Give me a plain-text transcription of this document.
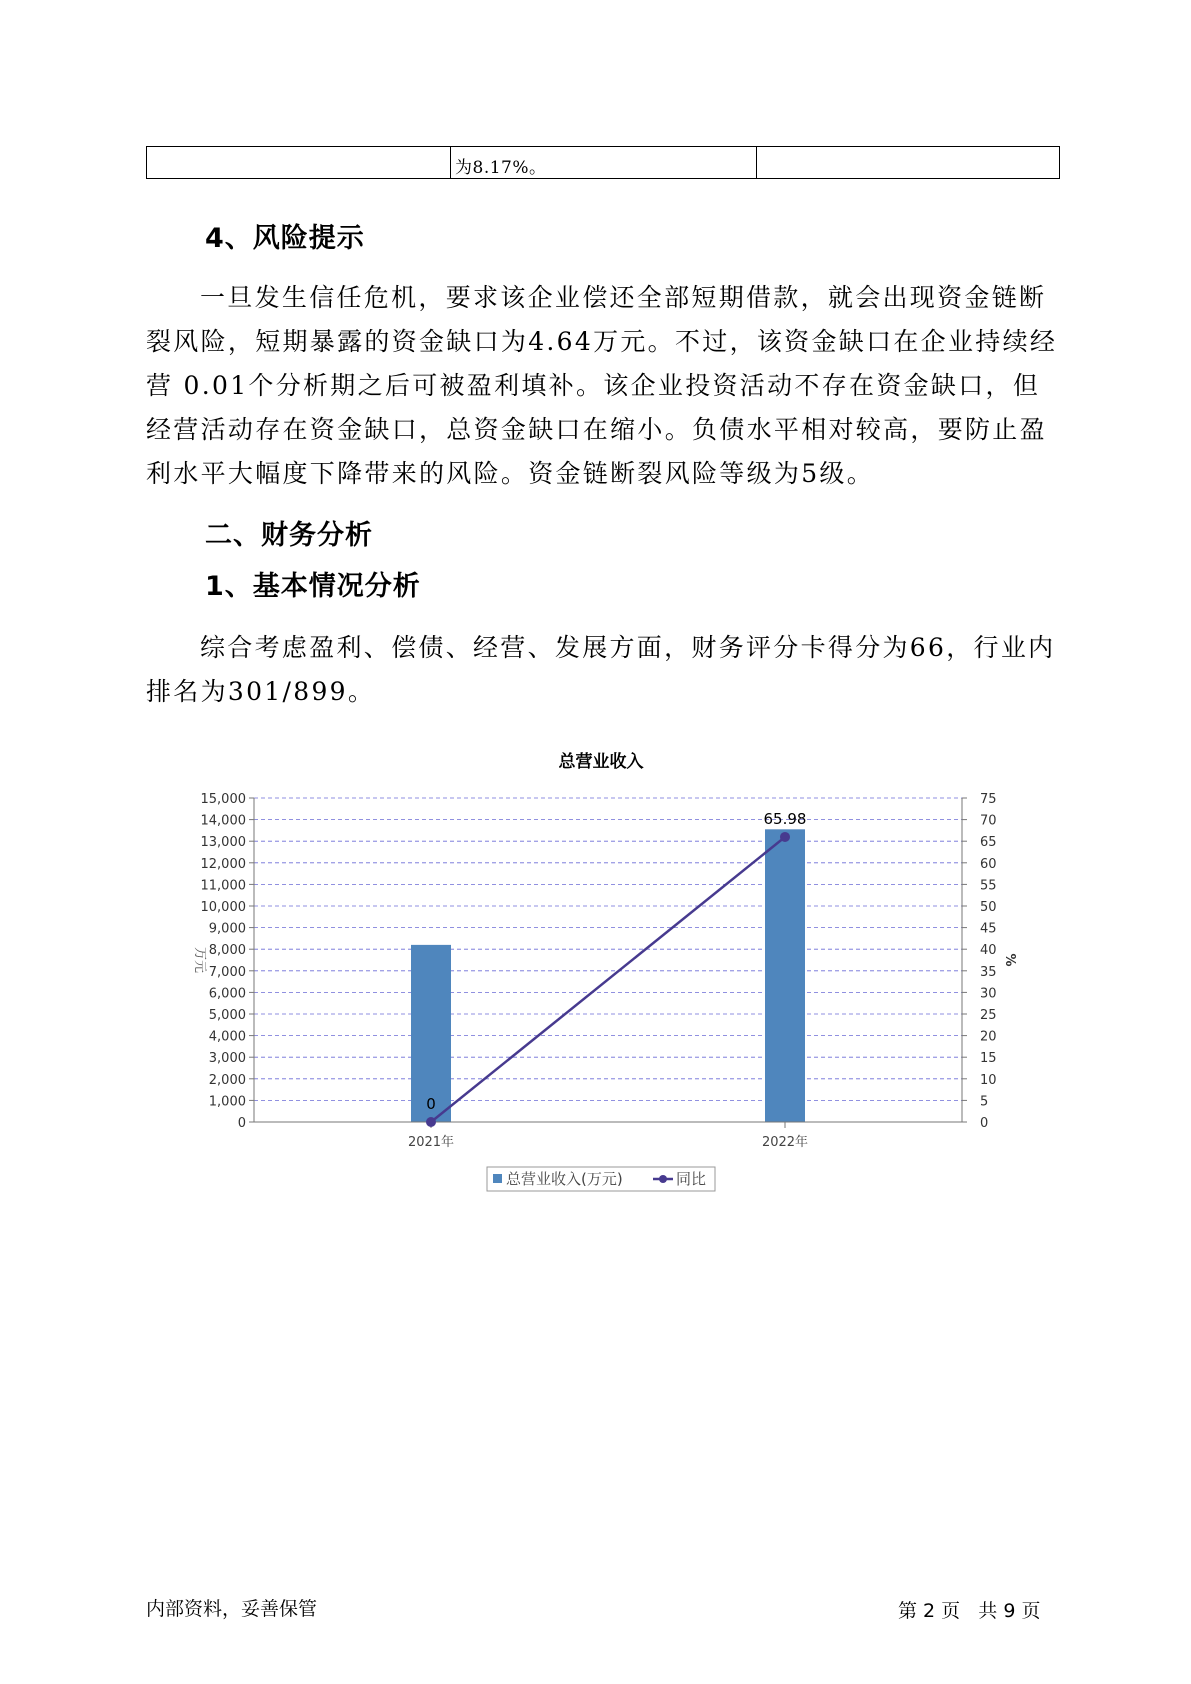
为8.17%。
4、风险提示

一旦发生信任危机，要求该企业偿还全部短期借款，就会出现资金链断裂风险，短期暴露的资金缺口为4.64万元。不过，该资金缺口在企业持续经营 0.01个分析期之后可被盈利填补。该企业投资活动不存在资金缺口，但经营活动存在资金缺口，总资金缺口在缩小。负债水平相对较高，要防止盈利水平大幅度下降带来的风险。资金链断裂风险等级为5级。

二、财务分析
1、基本情况分析

综合考虑盈利、偿债、经营、发展方面，财务评分卡得分为66，行业内排名为301/899。

总营业收入
0
1,000
2,000
3,000
4,000
5,000
6,000
7,000
8,000
9,000
10,000
11,000
12,000
13,000
14,000
15,000
0
5
10
15
20
25
30
35
40
45
50
55
60
65
70
75
2021年	2022年
0
65.98
万元	%
总营业收入(万元)	同比
内部资料，妥善保管	第 2 页   共 9 页
